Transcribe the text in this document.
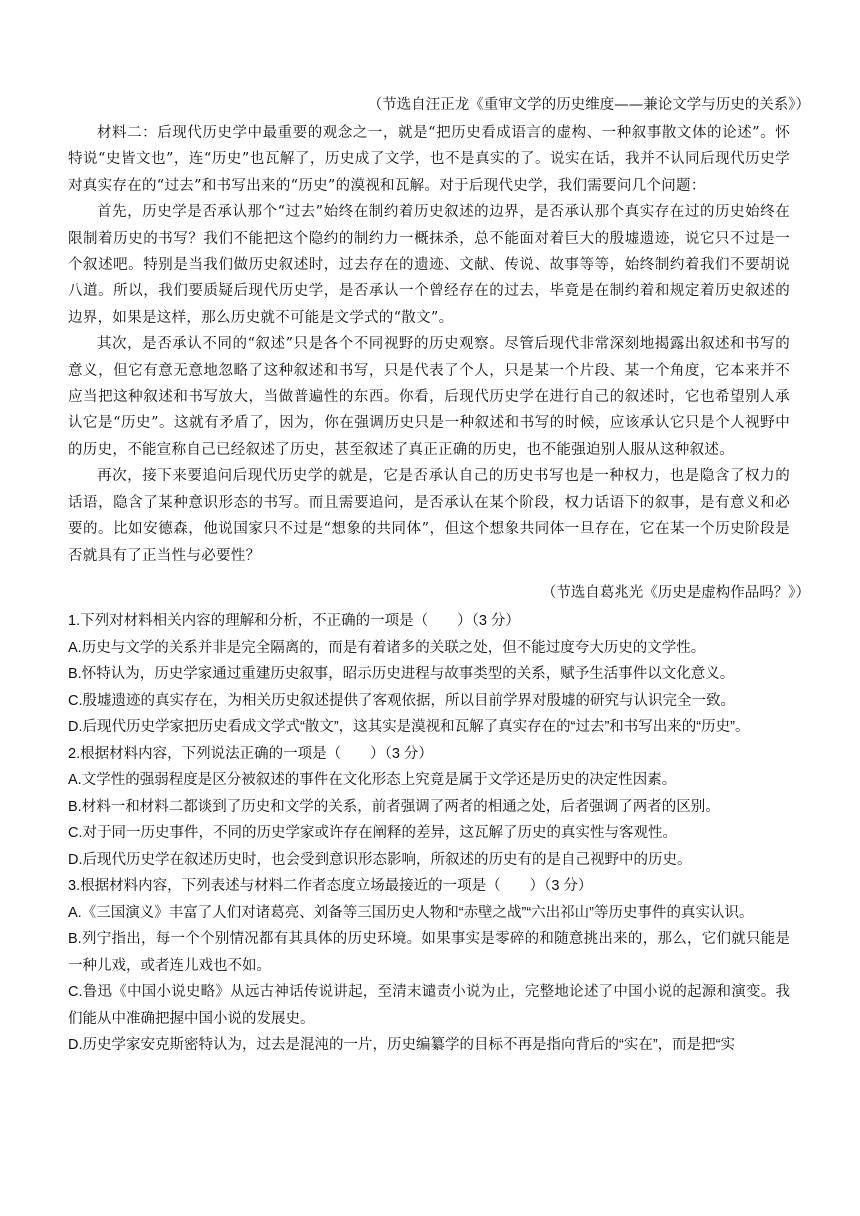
（节选自汪正龙《重审文学的历史维度——兼论文学与历史的关系》）

材料二：后现代历史学中最重要的观念之一，就是“把历史看成语言的虚构、一种叙事散文体的论述”。怀特说“史皆文也”，连“历史”也瓦解了，历史成了文学，也不是真实的了。说实在话，我并不认同后现代历史学对真实存在的“过去”和书写出来的“历史”的漠视和瓦解。对于后现代史学，我们需要问几个问题：

首先，历史学是否承认那个“过去”始终在制约着历史叙述的边界，是否承认那个真实存在过的历史始终在限制着历史的书写？我们不能把这个隐约的制约力一概抹杀，总不能面对着巨大的殷墟遗迹，说它只不过是一个叙述吧。特别是当我们做历史叙述时，过去存在的遗迹、文献、传说、故事等等，始终制约着我们不要胡说八道。所以，我们要质疑后现代历史学，是否承认一个曾经存在的过去，毕竟是在制约着和规定着历史叙述的边界，如果是这样，那么历史就不可能是文学式的“散文”。

其次，是否承认不同的“叙述”只是各个不同视野的历史观察。尽管后现代非常深刻地揭露出叙述和书写的意义，但它有意无意地忽略了这种叙述和书写，只是代表了个人，只是某一个片段、某一个角度，它本来并不应当把这种叙述和书写放大，当做普遍性的东西。你看，后现代历史学在进行自己的叙述时，它也希望别人承认它是“历史”。这就有矛盾了，因为，你在强调历史只是一种叙述和书写的时候，应该承认它只是个人视野中的历史，不能宣称自己已经叙述了历史，甚至叙述了真正正确的历史，也不能强迫别人服从这种叙述。

再次，接下来要追问后现代历史学的就是，它是否承认自己的历史书写也是一种权力，也是隐含了权力的话语，隐含了某种意识形态的书写。而且需要追问，是否承认在某个阶段，权力话语下的叙事，是有意义和必要的。比如安德森，他说国家只不过是“想象的共同体”，但这个想象共同体一旦存在，它在某一个历史阶段是否就具有了正当性与必要性？

（节选自葛兆光《历史是虚构作品吗？》）

1.下列对材料相关内容的理解和分析，不正确的一项是（　　）（3 分）

A.历史与文学的关系并非是完全隔离的，而是有着诸多的关联之处，但不能过度夸大历史的文学性。

B.怀特认为，历史学家通过重建历史叙事，昭示历史进程与故事类型的关系，赋予生活事件以文化意义。

C.殷墟遗迹的真实存在，为相关历史叙述提供了客观依据，所以目前学界对殷墟的研究与认识完全一致。

D.后现代历史学家把历史看成文学式“散文”，这其实是漠视和瓦解了真实存在的“过去”和书写出来的“历史”。

2.根据材料内容，下列说法正确的一项是（　　）（3 分）

A.文学性的强弱程度是区分被叙述的事件在文化形态上究竟是属于文学还是历史的决定性因素。

B.材料一和材料二都谈到了历史和文学的关系，前者强调了两者的相通之处，后者强调了两者的区别。

C.对于同一历史事件，不同的历史学家或许存在阐释的差异，这瓦解了历史的真实性与客观性。

D.后现代历史学在叙述历史时，也会受到意识形态影响，所叙述的历史有的是自己视野中的历史。

3.根据材料内容，下列表述与材料二作者态度立场最接近的一项是（　　）（3 分）

A.《三国演义》丰富了人们对诸葛亮、刘备等三国历史人物和“赤壁之战”“六出祁山”等历史事件的真实认识。

B.列宁指出，每一个个别情况都有其具体的历史环境。如果事实是零碎的和随意挑出来的，那么，它们就只能是一种儿戏，或者连儿戏也不如。

C.鲁迅《中国小说史略》从远古神话传说讲起，至清末谴责小说为止，完整地论述了中国小说的起源和演变。我们能从中准确把握中国小说的发展史。

D.历史学家安克斯密特认为，过去是混沌的一片，历史编纂学的目标不再是指向背后的“实在”，而是把“实
